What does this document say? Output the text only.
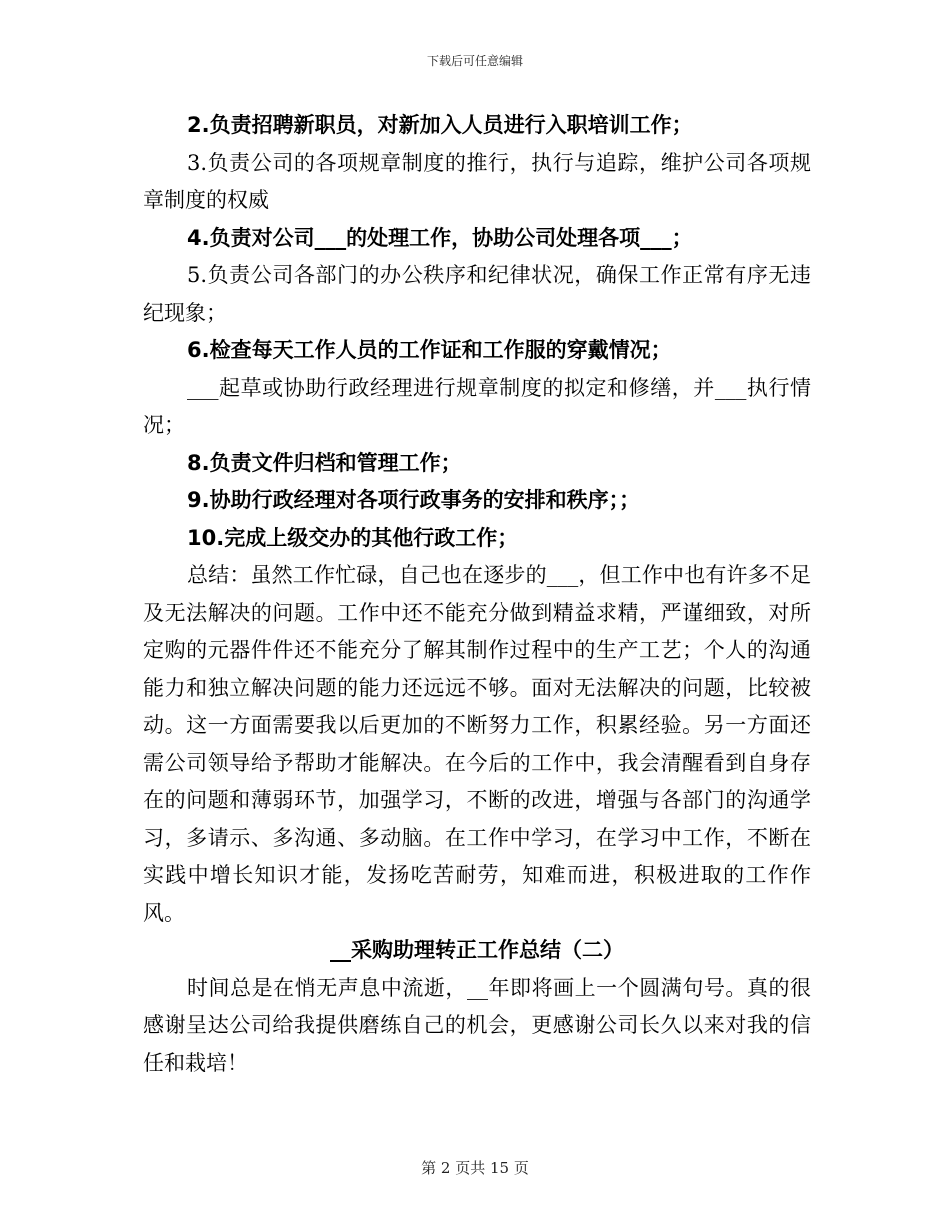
下载后可任意编辑

2.负责招聘新职员，对新加入人员进行入职培训工作；

3.负责公司的各项规章制度的推行，执行与追踪，维护公司各项规章制度的权威

4.负责对公司___的处理工作，协助公司处理各项___；

5.负责公司各部门的办公秩序和纪律状况，确保工作正常有序无违纪现象；

6.检查每天工作人员的工作证和工作服的穿戴情况；

___起草或协助行政经理进行规章制度的拟定和修缮，并___执行情况；

8.负责文件归档和管理工作；

9.协助行政经理对各项行政事务的安排和秩序；；

10.完成上级交办的其他行政工作；

总结：虽然工作忙碌，自己也在逐步的___，但工作中也有许多不足及无法解决的问题。工作中还不能充分做到精益求精，严谨细致，对所定购的元器件件还不能充分了解其制作过程中的生产工艺；个人的沟通能力和独立解决问题的能力还远远不够。面对无法解决的问题，比较被动。这一方面需要我以后更加的不断努力工作，积累经验。另一方面还需公司领导给予帮助才能解决。在今后的工作中，我会清醒看到自身存在的问题和薄弱环节，加强学习，不断的改进，增强与各部门的沟通学习，多请示、多沟通、多动脑。在工作中学习，在学习中工作，不断在实践中增长知识才能，发扬吃苦耐劳，知难而进，积极进取的工作作风。

__采购助理转正工作总结（二）

时间总是在悄无声息中流逝，__年即将画上一个圆满句号。真的很感谢呈达公司给我提供磨练自己的机会，更感谢公司长久以来对我的信任和栽培！

第 2 页共 15 页
